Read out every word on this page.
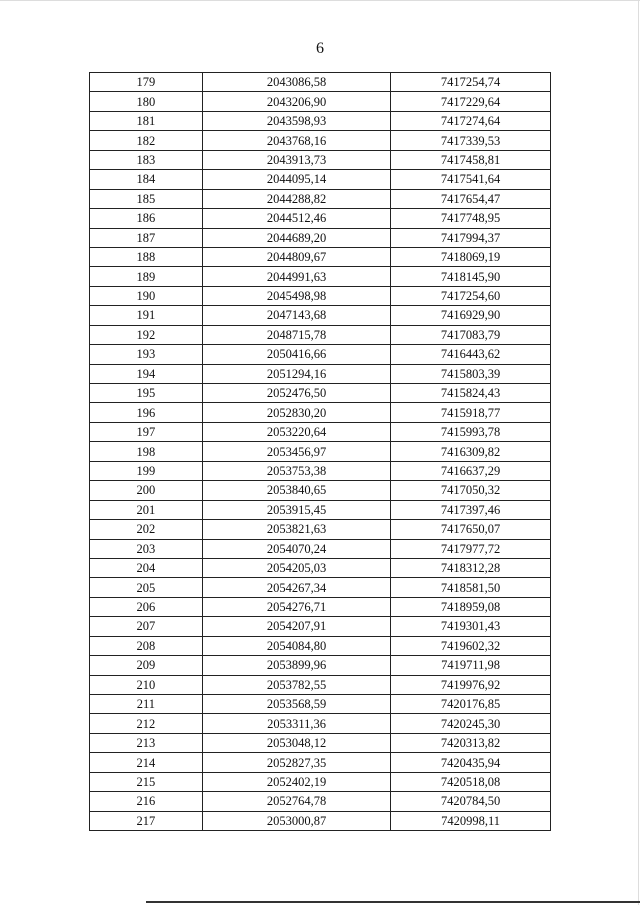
6
179	2043086,58	7417254,74
180	2043206,90	7417229,64
181	2043598,93	7417274,64
182	2043768,16	7417339,53
183	2043913,73	7417458,81
184	2044095,14	7417541,64
185	2044288,82	7417654,47
186	2044512,46	7417748,95
187	2044689,20	7417994,37
188	2044809,67	7418069,19
189	2044991,63	7418145,90
190	2045498,98	7417254,60
191	2047143,68	7416929,90
192	2048715,78	7417083,79
193	2050416,66	7416443,62
194	2051294,16	7415803,39
195	2052476,50	7415824,43
196	2052830,20	7415918,77
197	2053220,64	7415993,78
198	2053456,97	7416309,82
199	2053753,38	7416637,29
200	2053840,65	7417050,32
201	2053915,45	7417397,46
202	2053821,63	7417650,07
203	2054070,24	7417977,72
204	2054205,03	7418312,28
205	2054267,34	7418581,50
206	2054276,71	7418959,08
207	2054207,91	7419301,43
208	2054084,80	7419602,32
209	2053899,96	7419711,98
210	2053782,55	7419976,92
211	2053568,59	7420176,85
212	2053311,36	7420245,30
213	2053048,12	7420313,82
214	2052827,35	7420435,94
215	2052402,19	7420518,08
216	2052764,78	7420784,50
217	2053000,87	7420998,11
